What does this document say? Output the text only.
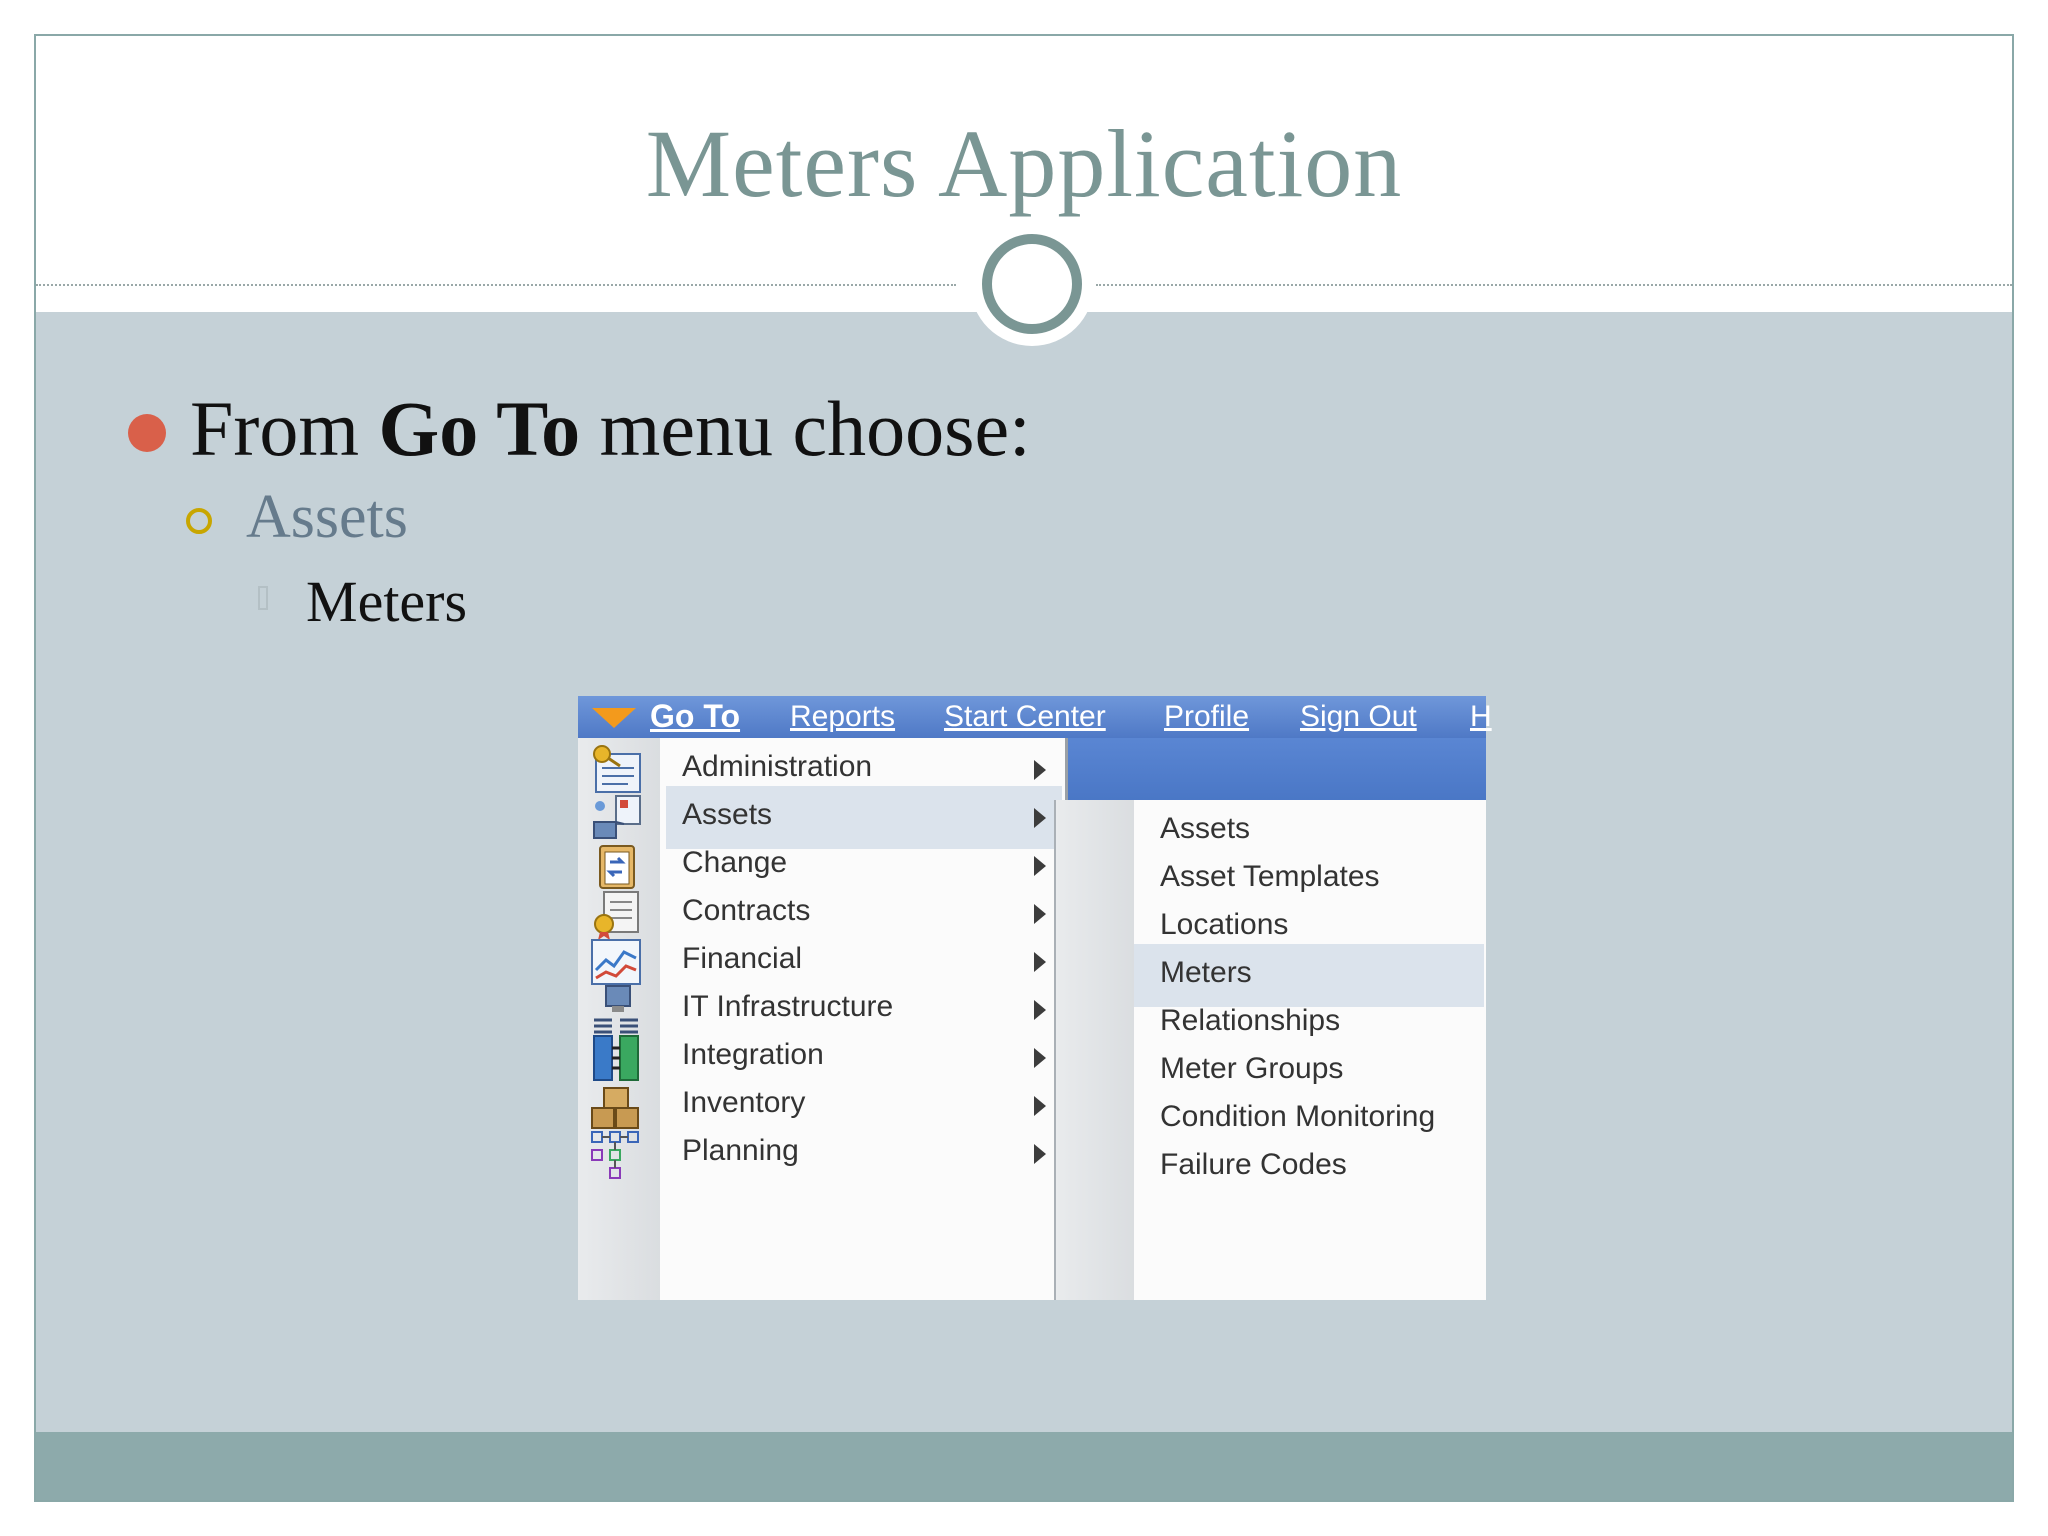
Meters Application
From Go To menu choose:
Assets
Meters
Go To Reports Start Center Profile Sign Out H
Administration
Assets
Change
Contracts
Financial
IT Infrastructure
Integration
Inventory
Planning
Assets
Asset Templates
Locations
Meters
Relationships
Meter Groups
Condition Monitoring
Failure Codes
